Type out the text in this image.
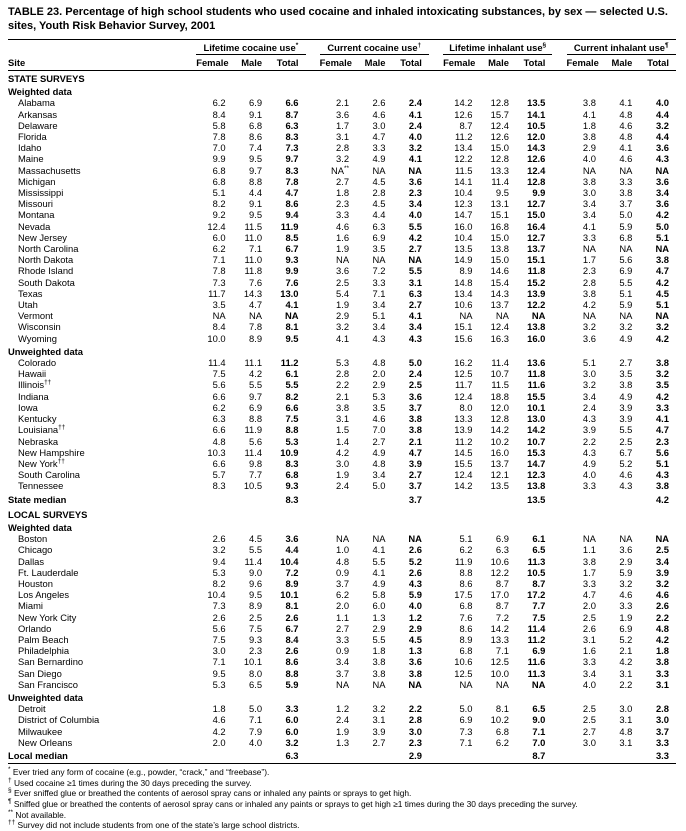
TABLE 23. Percentage of high school students who used cocaine and inhaled intoxicating substances, by sex — selected U.S. sites, Youth Risk Behavior Survey, 2001
		Lifetime cocaine use*				Current cocaine use†				Lifetime inhalant use§				Current inhalant use¶
Site		Female	Male	Total		Female	Male	Total		Female	Male	Total		Female	Male	Total
STATE SURVEYS																
Weighted data																
Alabama		6.2	6.9	6.6		2.1	2.6	2.4		14.2	12.8	13.5		3.8	4.1	4.0
Arkansas		8.4	9.1	8.7		3.6	4.6	4.1		12.6	15.7	14.1		4.1	4.8	4.4
Delaware		5.8	6.8	6.3		1.7	3.0	2.4		8.7	12.4	10.5		1.8	4.6	3.2
Florida		7.8	8.6	8.3		3.1	4.7	4.0		11.2	12.6	12.0		3.8	4.8	4.4
Idaho		7.0	7.4	7.3		2.8	3.3	3.2		13.4	15.0	14.3		2.9	4.1	3.6
Maine		9.9	9.5	9.7		3.2	4.9	4.1		12.2	12.8	12.6		4.0	4.6	4.3
Massachusetts		6.8	9.7	8.3		NA**	NA	NA		11.5	13.3	12.4		NA	NA	NA
Michigan		6.8	8.8	7.8		2.7	4.5	3.6		14.1	11.4	12.8		3.8	3.3	3.6
Mississippi		5.1	4.4	4.7		1.8	2.8	2.3		10.4	9.5	9.9		3.0	3.8	3.4
Missouri		8.2	9.1	8.6		2.3	4.5	3.4		12.3	13.1	12.7		3.4	3.7	3.6
Montana		9.2	9.5	9.4		3.3	4.4	4.0		14.7	15.1	15.0		3.4	5.0	4.2
Nevada		12.4	11.5	11.9		4.6	6.3	5.5		16.0	16.8	16.4		4.1	5.9	5.0
New Jersey		6.0	11.0	8.5		1.6	6.9	4.2		10.4	15.0	12.7		3.3	6.8	5.1
North Carolina		6.2	7.1	6.7		1.9	3.5	2.7		13.5	13.8	13.7		NA	NA	NA
North Dakota		7.1	11.0	9.3		NA	NA	NA		14.9	15.0	15.1		1.7	5.6	3.8
Rhode Island		7.8	11.8	9.9		3.6	7.2	5.5		8.9	14.6	11.8		2.3	6.9	4.7
South Dakota		7.3	7.6	7.6		2.5	3.3	3.1		14.8	15.4	15.2		2.8	5.5	4.2
Texas		11.7	14.3	13.0		5.4	7.1	6.3		13.4	14.3	13.9		3.8	5.1	4.5
Utah		3.5	4.7	4.1		1.9	3.4	2.7		10.6	13.7	12.2		4.2	5.9	5.1
Vermont		NA	NA	NA		2.9	5.1	4.1		NA	NA	NA		NA	NA	NA
Wisconsin		8.4	7.8	8.1		3.2	3.4	3.4		15.1	12.4	13.8		3.2	3.2	3.2
Wyoming		10.0	8.9	9.5		4.1	4.3	4.3		15.6	16.3	16.0		3.6	4.9	4.2
Unweighted data																
Colorado		11.4	11.1	11.2		5.3	4.8	5.0		16.2	11.4	13.6		5.1	2.7	3.8
Hawaii		7.5	4.2	6.1		2.8	2.0	2.4		12.5	10.7	11.8		3.0	3.5	3.2
Illinois††		5.6	5.5	5.5		2.2	2.9	2.5		11.7	11.5	11.6		3.2	3.8	3.5
Indiana		6.6	9.7	8.2		2.1	5.3	3.6		12.4	18.8	15.5		3.4	4.9	4.2
Iowa		6.2	6.9	6.6		3.8	3.5	3.7		8.0	12.0	10.1		2.4	3.9	3.3
Kentucky		6.3	8.8	7.5		3.1	4.6	3.8		13.3	12.8	13.0		4.3	3.9	4.1
Louisiana††		6.6	11.9	8.8		1.5	7.0	3.8		13.9	14.2	14.2		3.9	5.5	4.7
Nebraska		4.8	5.6	5.3		1.4	2.7	2.1		11.2	10.2	10.7		2.2	2.5	2.3
New Hampshire		10.3	11.4	10.9		4.2	4.9	4.7		14.5	16.0	15.3		4.3	6.7	5.6
New York††		6.6	9.8	8.3		3.0	4.8	3.9		15.5	13.7	14.7		4.9	5.2	5.1
South Carolina		5.7	7.7	6.8		1.9	3.4	2.7		12.4	12.1	12.3		4.0	4.6	4.3
Tennessee		8.3	10.5	9.3		2.4	5.0	3.7		14.2	13.5	13.8		3.3	4.3	3.8
State median				8.3				3.7				13.5				4.2
LOCAL SURVEYS																
Weighted data																
Boston		2.6	4.5	3.6		NA	NA	NA		5.1	6.9	6.1		NA	NA	NA
Chicago		3.2	5.5	4.4		1.0	4.1	2.6		6.2	6.3	6.5		1.1	3.6	2.5
Dallas		9.4	11.4	10.4		4.8	5.5	5.2		11.9	10.6	11.3		3.8	2.9	3.4
Ft. Lauderdale		5.3	9.0	7.2		0.9	4.1	2.6		8.8	12.2	10.5		1.7	5.9	3.9
Houston		8.2	9.6	8.9		3.7	4.9	4.3		8.6	8.7	8.7		3.3	3.2	3.2
Los Angeles		10.4	9.5	10.1		6.2	5.8	5.9		17.5	17.0	17.2		4.7	4.6	4.6
Miami		7.3	8.9	8.1		2.0	6.0	4.0		6.8	8.7	7.7		2.0	3.3	2.6
New York City		2.6	2.5	2.6		1.1	1.3	1.2		7.6	7.2	7.5		2.5	1.9	2.2
Orlando		5.6	7.5	6.7		2.7	2.9	2.9		8.6	14.2	11.4		2.6	6.9	4.8
Palm Beach		7.5	9.3	8.4		3.3	5.5	4.5		8.9	13.3	11.2		3.1	5.2	4.2
Philadelphia		3.0	2.3	2.6		0.9	1.8	1.3		6.8	7.1	6.9		1.6	2.1	1.8
San Bernardino		7.1	10.1	8.6		3.4	3.8	3.6		10.6	12.5	11.6		3.3	4.2	3.8
San Diego		9.5	8.0	8.8		3.7	3.8	3.8		12.5	10.0	11.3		3.4	3.1	3.3
San Francisco		5.3	6.5	5.9		NA	NA	NA		NA	NA	NA		4.0	2.2	3.1
Unweighted data																
Detroit		1.8	5.0	3.3		1.2	3.2	2.2		5.0	8.1	6.5		2.5	3.0	2.8
District of Columbia		4.6	7.1	6.0		2.4	3.1	2.8		6.9	10.2	9.0		2.5	3.1	3.0
Milwaukee		4.2	7.9	6.0		1.9	3.9	3.0		7.3	6.8	7.1		2.7	4.8	3.7
New Orleans		2.0	4.0	3.2		1.3	2.7	2.3		7.1	6.2	7.0		3.0	3.1	3.3
Local median				6.3				2.9				8.7				3.3
* Ever tried any form of cocaine (e.g., powder, “crack,” and “freebase”).
† Used cocaine ≥1 times during the 30 days preceding the survey.
§ Ever sniffed glue or breathed the contents of aerosol spray cans or inhaled any paints or sprays to get high.
¶ Sniffed glue or breathed the contents of aerosol spray cans or inhaled any paints or sprays to get high ≥1 times during the 30 days preceding the survey.
** Not available.
†† Survey did not include students from one of the state’s large school districts.
